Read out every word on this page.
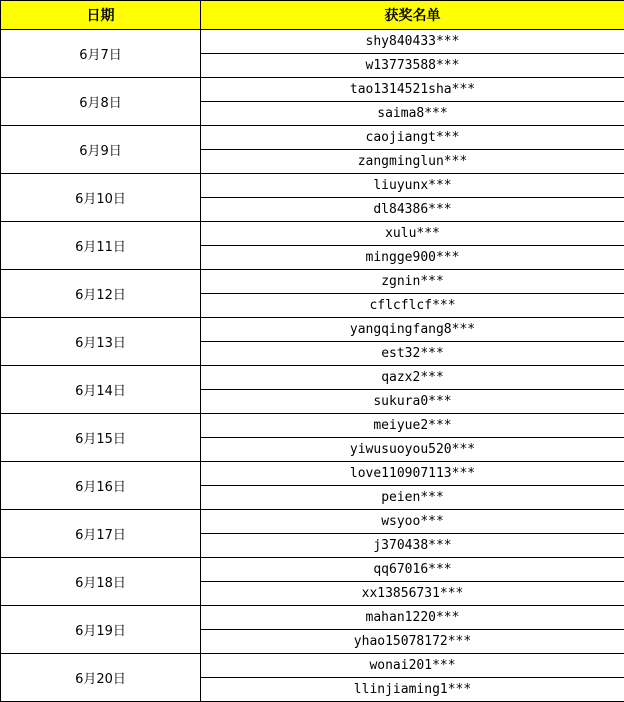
日期	获奖名单
6月7日	shy840433***
	w13773588***
6月8日	tao1314521sha***
	saima8***
6月9日	caojiangt***
	zangminglun***
6月10日	liuyunx***
	dl84386***
6月11日	xulu***
	mingge900***
6月12日	zgnin***
	cflcflcf***
6月13日	yangqingfang8***
	est32***
6月14日	qazx2***
	sukura0***
6月15日	meiyue2***
	yiwusuoyou520***
6月16日	love110907113***
	peien***
6月17日	wsyoo***
	j370438***
6月18日	qq67016***
	xx13856731***
6月19日	mahan1220***
	yhao15078172***
6月20日	wonai201***
	llinjiaming1***
